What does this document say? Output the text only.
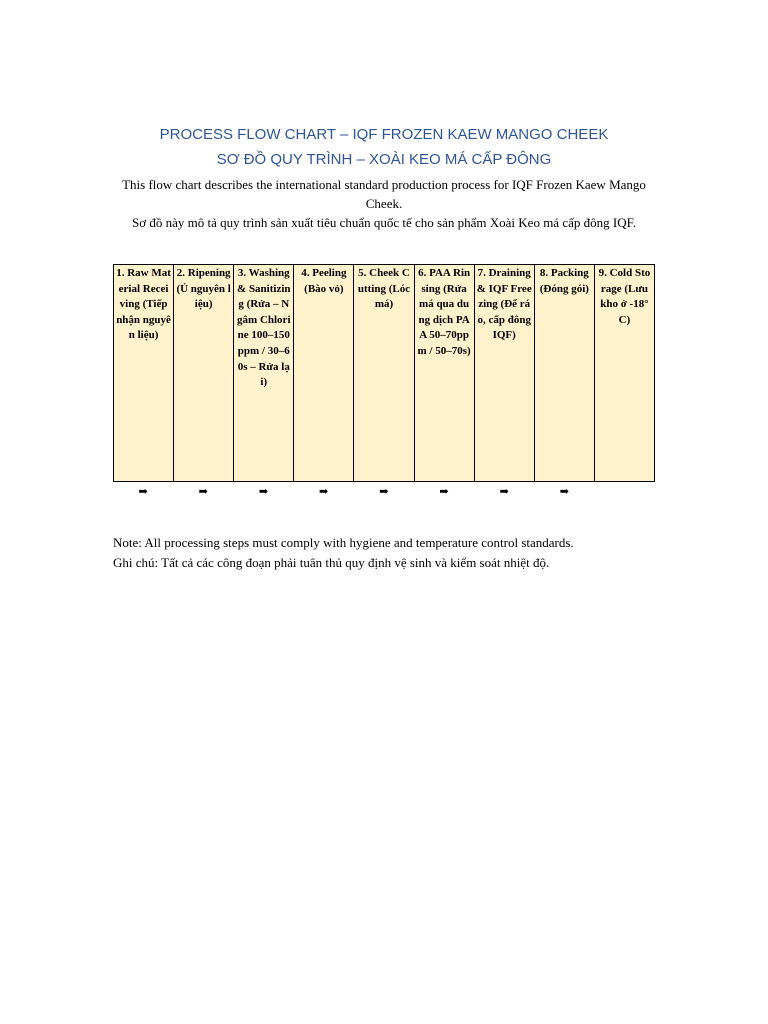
PROCESS FLOW CHART – IQF FROZEN KAEW MANGO CHEEK
SƠ ĐỒ QUY TRÌNH – XOÀI KEO MÁ CẤP ĐÔNG
This flow chart describes the international standard production process for IQF Frozen Kaew Mango Cheek.
Sơ đồ này mô tả quy trình sản xuất tiêu chuẩn quốc tế cho sản phẩm Xoài Keo má cấp đông IQF.
1. Raw Material Receiving (Tiếp nhận nguyên liệu)	2. Ripening (Ủ nguyên liệu)	3. Washing & Sanitizing (Rửa – Ngâm Chlorine 100–150ppm / 30–60s – Rửa lại)	4. Peeling (Bào vỏ)	5. Cheek Cutting (Lóc má)	6. PAA Rinsing (Rửa má qua dung dịch PAA 50–70ppm / 50–70s)	7. Draining & IQF Freezing (Để ráo, cấp đông IQF)	8. Packing (Đóng gói)	9. Cold Storage (Lưu kho ở -18°C)
➡	➡	➡	➡	➡	➡	➡	➡
Note: All processing steps must comply with hygiene and temperature control standards.
Ghi chú: Tất cả các công đoạn phải tuân thủ quy định vệ sinh và kiểm soát nhiệt độ.
